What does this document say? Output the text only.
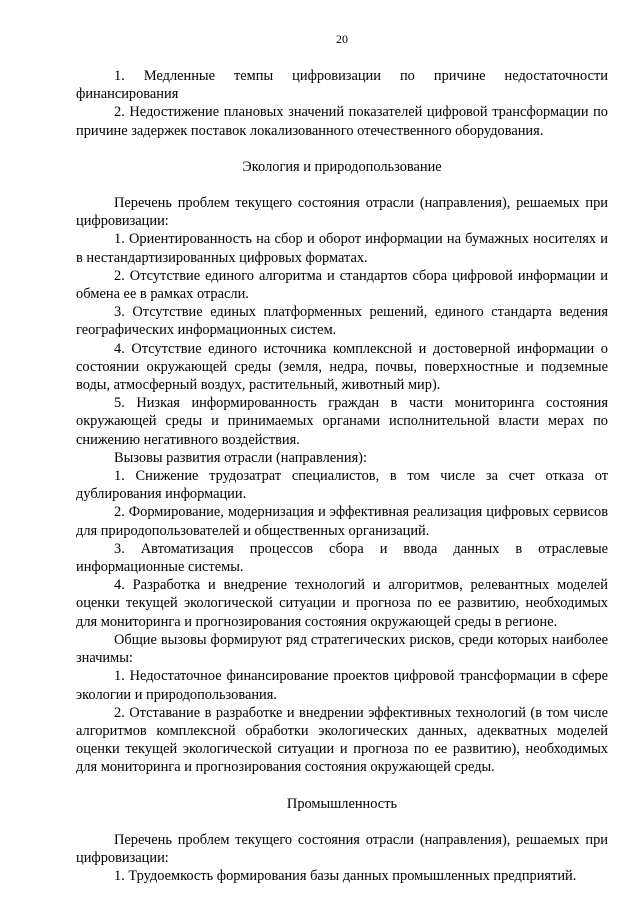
20

1. Медленные темпы цифровизации по причине недостаточности финансирования

2. Недостижение плановых значений показателей цифровой трансформации по причине задержек поставок локализованного отечественного оборудования.

Экология и природопользование

Перечень проблем текущего состояния отрасли (направления), решаемых при цифровизации:

1. Ориентированность на сбор и оборот информации на бумажных носителях и в нестандартизированных цифровых форматах.

2. Отсутствие единого алгоритма и стандартов сбора цифровой информации и обмена ее в рамках отрасли.

3. Отсутствие единых платформенных решений, единого стандарта ведения географических информационных систем.

4. Отсутствие единого источника комплексной и достоверной информации о состоянии окружающей среды (земля, недра, почвы, поверхностные и подземные воды, атмосферный воздух, растительный, животный мир).

5. Низкая информированность граждан в части мониторинга состояния окружающей среды и принимаемых органами исполнительной власти мерах по снижению негативного воздействия.

Вызовы развития отрасли (направления):

1. Снижение трудозатрат специалистов, в том числе за счет отказа от дублирования информации.

2. Формирование, модернизация и эффективная реализация цифровых сервисов для природопользователей и общественных организаций.

3. Автоматизация процессов сбора и ввода данных в отраслевые информационные системы.

4. Разработка и внедрение технологий и алгоритмов, релевантных моделей оценки текущей экологической ситуации и прогноза по ее развитию, необходимых для мониторинга и прогнозирования состояния окружающей среды в регионе.

Общие вызовы формируют ряд стратегических рисков, среди которых наиболее значимы:

1. Недостаточное финансирование проектов цифровой трансформации в сфере экологии и природопользования.

2. Отставание в разработке и внедрении эффективных технологий (в том числе алгоритмов комплексной обработки экологических данных, адекватных моделей оценки текущей экологической ситуации и прогноза по ее развитию), необходимых для мониторинга и прогнозирования состояния окружающей среды.

Промышленность

Перечень проблем текущего состояния отрасли (направления), решаемых при цифровизации:

1. Трудоемкость формирования базы данных промышленных предприятий.
